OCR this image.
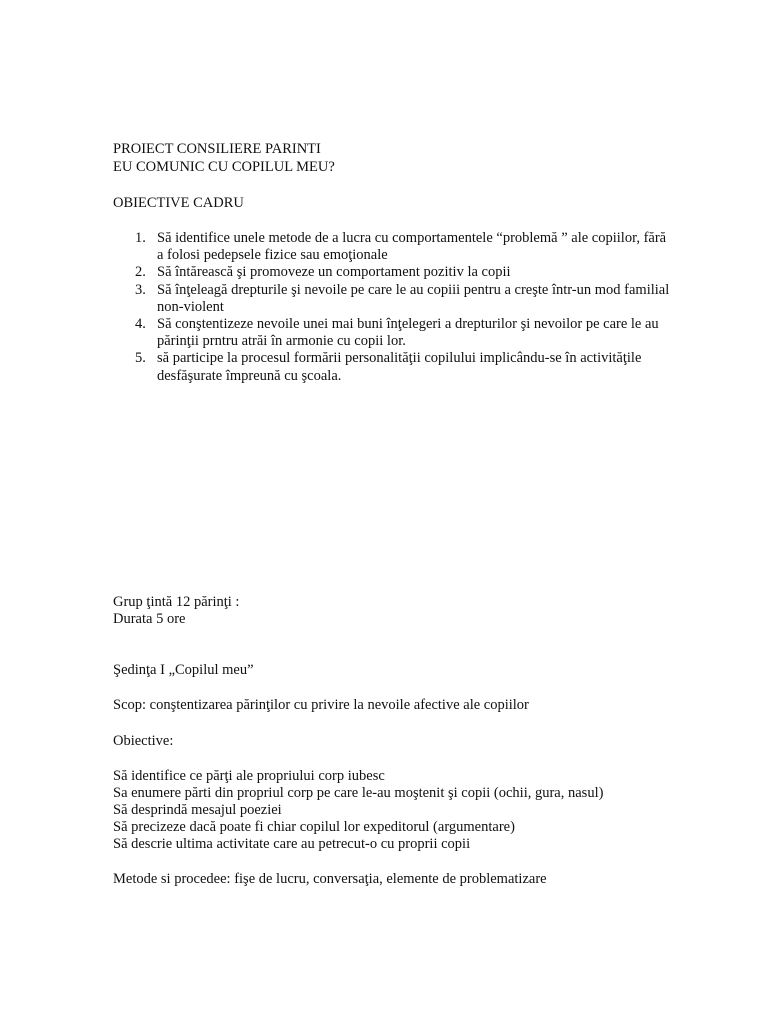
PROIECT CONSILIERE PARINTI

EU COMUNIC CU COPILUL MEU?

OBIECTIVE CADRU

1. Să identifice unele metode de a lucra cu comportamentele “problemă ” ale copiilor, fără a folosi pedepsele fizice sau emoţionale
2. Să întărească şi promoveze un comportament pozitiv la copii
3. Să înţeleagă drepturile şi nevoile pe care le au copiii pentru a creşte într-un mod familial non-violent
4. Să conştentizeze nevoile unei mai buni înţelegeri a drepturilor şi nevoilor pe care le au părinţii prntru atrăi în armonie cu copii lor.
5. să participe la procesul formării personalităţii copilului implicându-se în activităţile desfăşurate împreună cu şcoala.

Grup ţintă 12 părinţi :

Durata 5 ore

Şedinţa I „Copilul meu”

Scop: conştentizarea părinţilor cu privire la nevoile afective ale copiilor

Obiective:

Să identifice ce părţi ale propriului corp iubesc

Sa enumere părti din propriul corp pe care le-au moştenit şi copii (ochii, gura, nasul)

Să desprindă mesajul poeziei

Să precizeze dacă poate fi chiar copilul lor expeditorul (argumentare)

Să descrie ultima activitate care au petrecut-o cu proprii copii

Metode si procedee: fişe de lucru, conversaţia, elemente de problematizare
